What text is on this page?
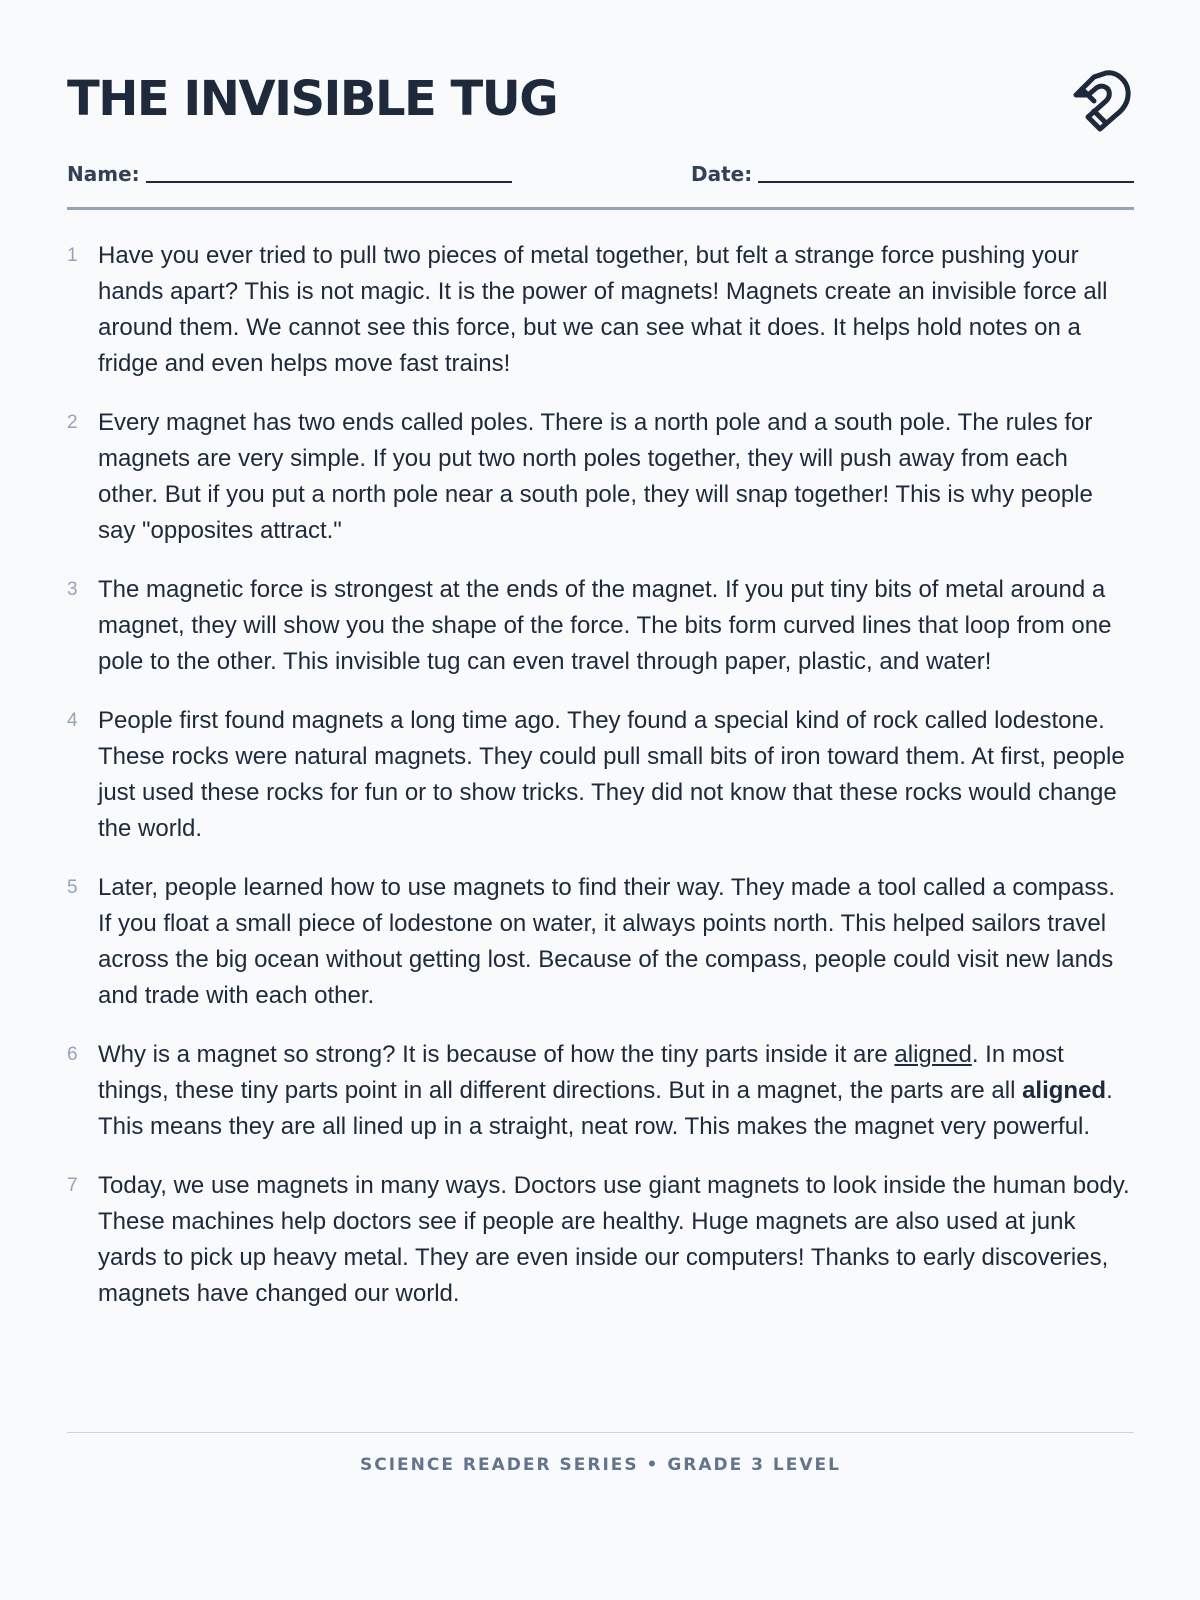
THE INVISIBLE TUG
Name:	Date:
1 Have you ever tried to pull two pieces of metal together, but felt a strange force pushing your hands apart? This is not magic. It is the power of magnets! Magnets create an invisible force all around them. We cannot see this force, but we can see what it does. It helps hold notes on a fridge and even helps move fast trains!

2 Every magnet has two ends called poles. There is a north pole and a south pole. The rules for magnets are very simple. If you put two north poles together, they will push away from each other. But if you put a north pole near a south pole, they will snap together! This is why people say "opposites attract."

3 The magnetic force is strongest at the ends of the magnet. If you put tiny bits of metal around a magnet, they will show you the shape of the force. The bits form curved lines that loop from one pole to the other. This invisible tug can even travel through paper, plastic, and water!

4 People first found magnets a long time ago. They found a special kind of rock called lodestone. These rocks were natural magnets. They could pull small bits of iron toward them. At first, people just used these rocks for fun or to show tricks. They did not know that these rocks would change the world.

5 Later, people learned how to use magnets to find their way. They made a tool called a compass. If you float a small piece of lodestone on water, it always points north. This helped sailors travel across the big ocean without getting lost. Because of the compass, people could visit new lands and trade with each other.

6 Why is a magnet so strong? It is because of how the tiny parts inside it are aligned. In most things, these tiny parts point in all different directions. But in a magnet, the parts are all aligned. This means they are all lined up in a straight, neat row. This makes the magnet very powerful.

7 Today, we use magnets in many ways. Doctors use giant magnets to look inside the human body. These machines help doctors see if people are healthy. Huge magnets are also used at junk yards to pick up heavy metal. They are even inside our computers! Thanks to early discoveries, magnets have changed our world.

SCIENCE READER SERIES • GRADE 3 LEVEL
